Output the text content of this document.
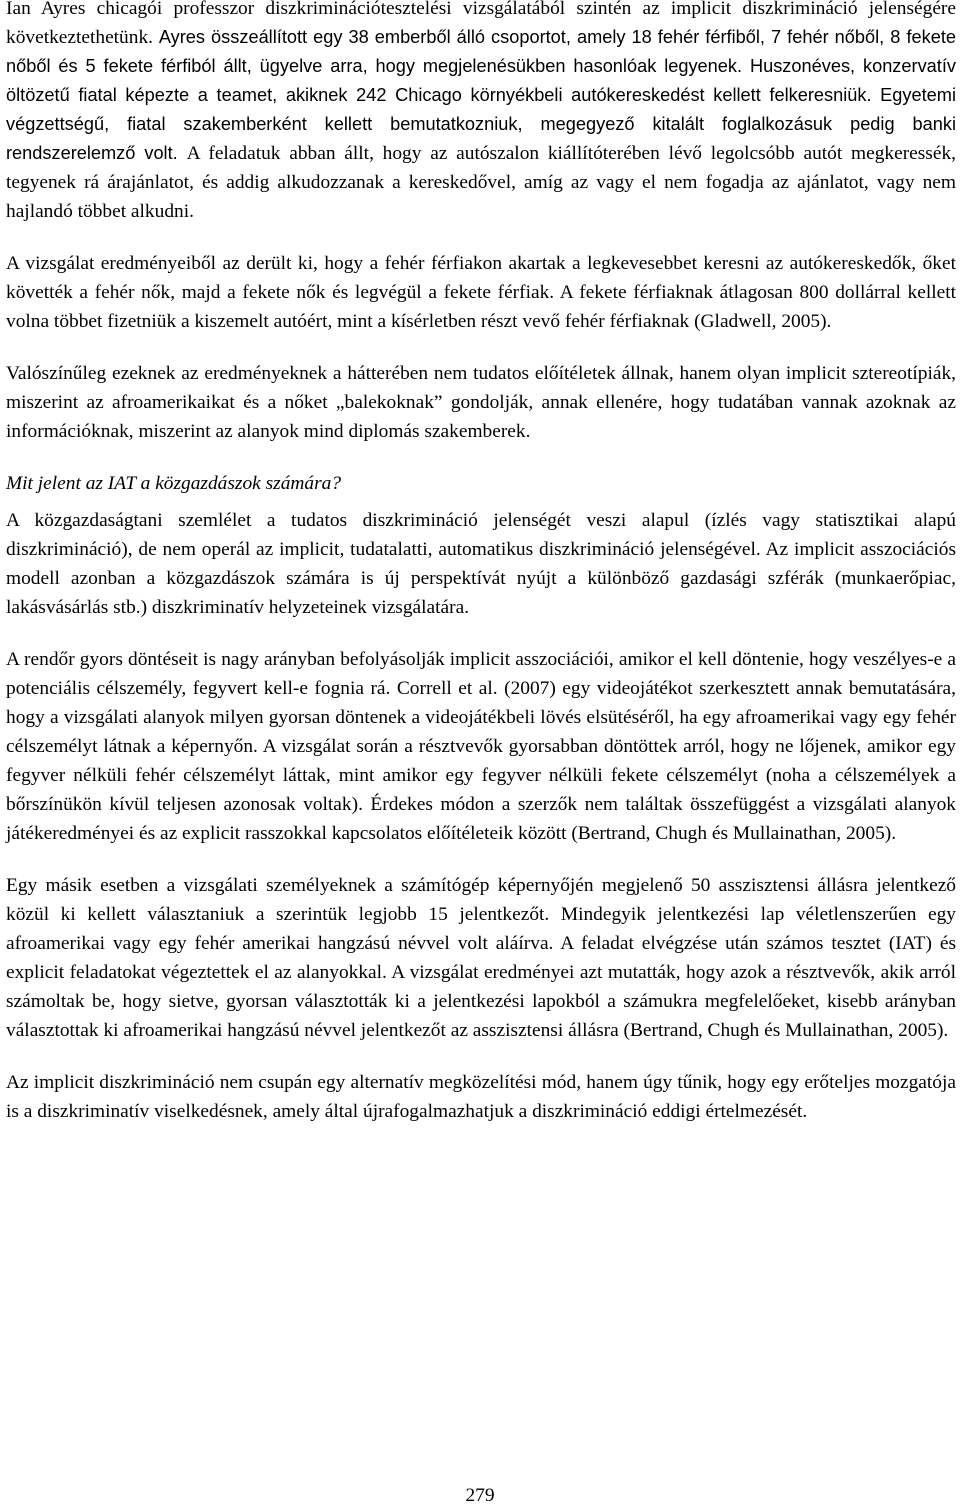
Ian Ayres chicagói professzor diszkriminációtesztelési vizsgálatából szintén az implicit diszkrimináció jelenségére következtethetünk. Ayres összeállított egy 38 emberből álló csoportot, amely 18 fehér férfiből, 7 fehér nőből, 8 fekete nőből és 5 fekete férfiból állt, ügyelve arra, hogy megjelenésükben hasonlóak legyenek. Huszonéves, konzervatív öltözetű fiatal képezte a teamet, akiknek 242 Chicago környékbeli autókereskedést kellett felkeresniük. Egyetemi végzettségű, fiatal szakemberként kellett bemutatkozniuk, megegyező kitalált foglalkozásuk pedig banki rendszerelemző volt. A feladatuk abban állt, hogy az autószalon kiállítóterében lévő legolcsóbb autót megkeressék, tegyenek rá árajánlatot, és addig alkudozzanak a kereskedővel, amíg az vagy el nem fogadja az ajánlatot, vagy nem hajlandó többet alkudni.

A vizsgálat eredményeiből az derült ki, hogy a fehér férfiakon akartak a legkevesebbet keresni az autókereskedők, őket követték a fehér nők, majd a fekete nők és legvégül a fekete férfiak. A fekete férfiaknak átlagosan 800 dollárral kellett volna többet fizetniük a kiszemelt autóért, mint a kísérletben részt vevő fehér férfiaknak (Gladwell, 2005).

Valószínűleg ezeknek az eredményeknek a hátterében nem tudatos előítéletek állnak, hanem olyan implicit sztereotípiák, miszerint az afroamerikaikat és a nőket „balekoknak” gondolják, annak ellenére, hogy tudatában vannak azoknak az információknak, miszerint az alanyok mind diplomás szakemberek.

Mit jelent az IAT a közgazdászok számára?

A közgazdaságtani szemlélet a tudatos diszkrimináció jelenségét veszi alapul (ízlés vagy statisztikai alapú diszkrimináció), de nem operál az implicit, tudatalatti, automatikus diszkrimináció jelenségével. Az implicit asszociációs modell azonban a közgazdászok számára is új perspektívát nyújt a különböző gazdasági szférák (munkaerőpiac, lakásvásárlás stb.) diszkriminatív helyzeteinek vizsgálatára.

A rendőr gyors döntéseit is nagy arányban befolyásolják implicit asszociációi, amikor el kell döntenie, hogy veszélyes-e a potenciális célszemély, fegyvert kell-e fognia rá. Correll et al. (2007) egy videojátékot szerkesztett annak bemutatására, hogy a vizsgálati alanyok milyen gyorsan döntenek a videojátékbeli lövés elsütéséről, ha egy afroamerikai vagy egy fehér célszemélyt látnak a képernyőn. A vizsgálat során a résztvevők gyorsabban döntöttek arról, hogy ne lőjenek, amikor egy fegyver nélküli fehér célszemélyt láttak, mint amikor egy fegyver nélküli fekete célszemélyt (noha a célszemélyek a bőrszínükön kívül teljesen azonosak voltak). Érdekes módon a szerzők nem találtak összefüggést a vizsgálati alanyok játékeredményei és az explicit rasszokkal kapcsolatos előítéleteik között (Bertrand, Chugh és Mullainathan, 2005).

Egy másik esetben a vizsgálati személyeknek a számítógép képernyőjén megjelenő 50 asszisztensi állásra jelentkező közül ki kellett választaniuk a szerintük legjobb 15 jelentkezőt. Mindegyik jelentkezési lap véletlenszerűen egy afroamerikai vagy egy fehér amerikai hangzású névvel volt aláírva. A feladat elvégzése után számos tesztet (IAT) és explicit feladatokat végeztettek el az alanyokkal. A vizsgálat eredményei azt mutatták, hogy azok a résztvevők, akik arról számoltak be, hogy sietve, gyorsan választották ki a jelentkezési lapokból a számukra megfelelőeket, kisebb arányban választottak ki afroamerikai hangzású névvel jelentkezőt az asszisztensi állásra (Bertrand, Chugh és Mullainathan, 2005).

Az implicit diszkrimináció nem csupán egy alternatív megközelítési mód, hanem úgy tűnik, hogy egy erőteljes mozgatója is a diszkriminatív viselkedésnek, amely által újrafogalmazhatjuk a diszkrimináció eddigi értelmezését.

279
